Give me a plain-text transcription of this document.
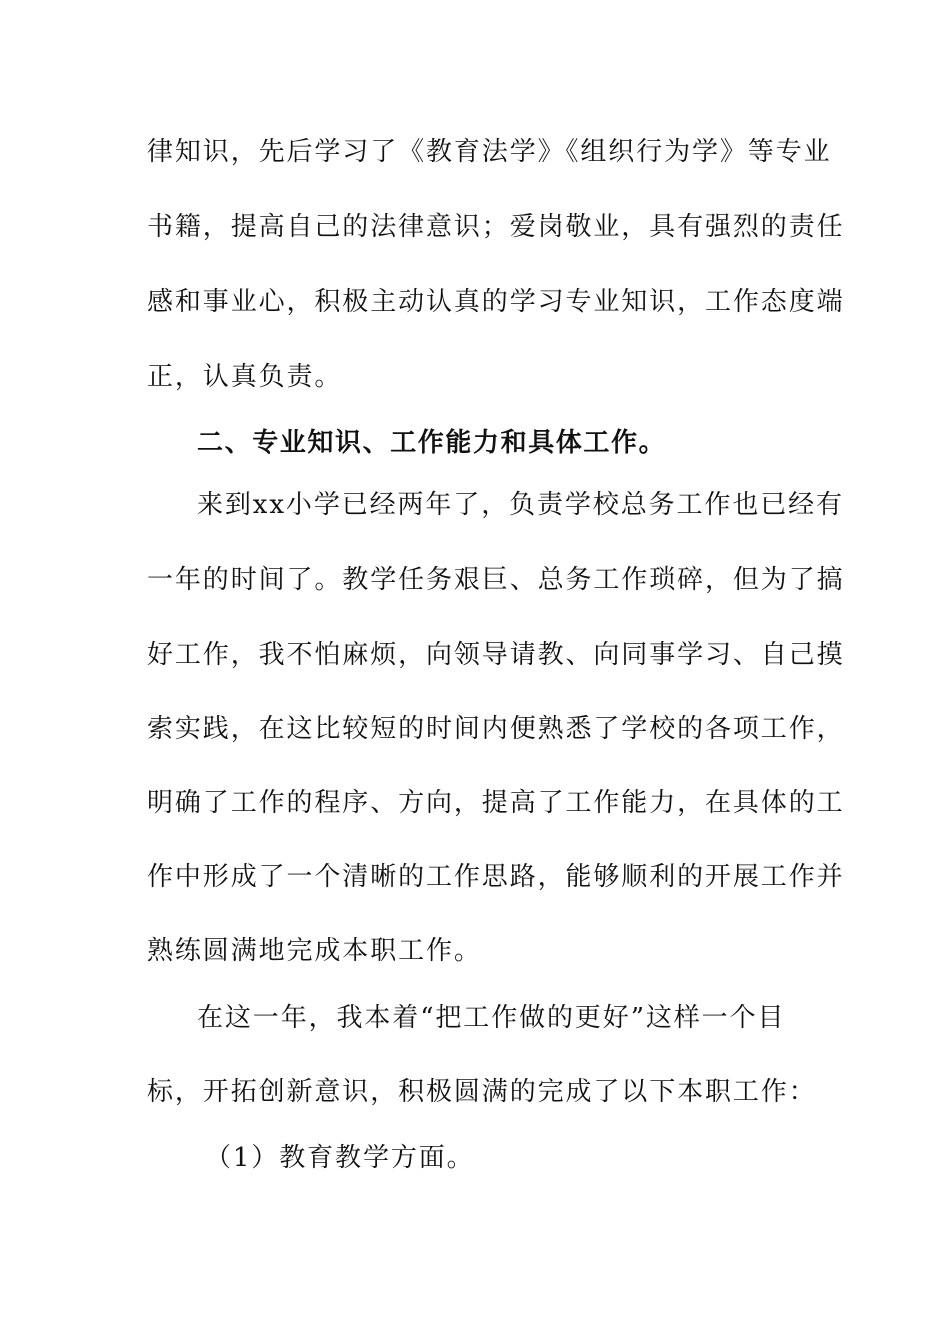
律知识，先后学习了《教育法学》《组织行为学》等专业
书籍，提高自己的法律意识；爱岗敬业，具有强烈的责任
感和事业心，积极主动认真的学习专业知识，工作态度端
正，认真负责。
二、专业知识、工作能力和具体工作。
来到xx小学已经两年了，负责学校总务工作也已经有
一年的时间了。教学任务艰巨、总务工作琐碎，但为了搞
好工作，我不怕麻烦，向领导请教、向同事学习、自己摸
索实践，在这比较短的时间内便熟悉了学校的各项工作，
明确了工作的程序、方向，提高了工作能力，在具体的工
作中形成了一个清晰的工作思路，能够顺利的开展工作并
熟练圆满地完成本职工作。
在这一年，我本着“把工作做的更好”这样一个目
标，开拓创新意识，积极圆满的完成了以下本职工作：
（1）教育教学方面。
